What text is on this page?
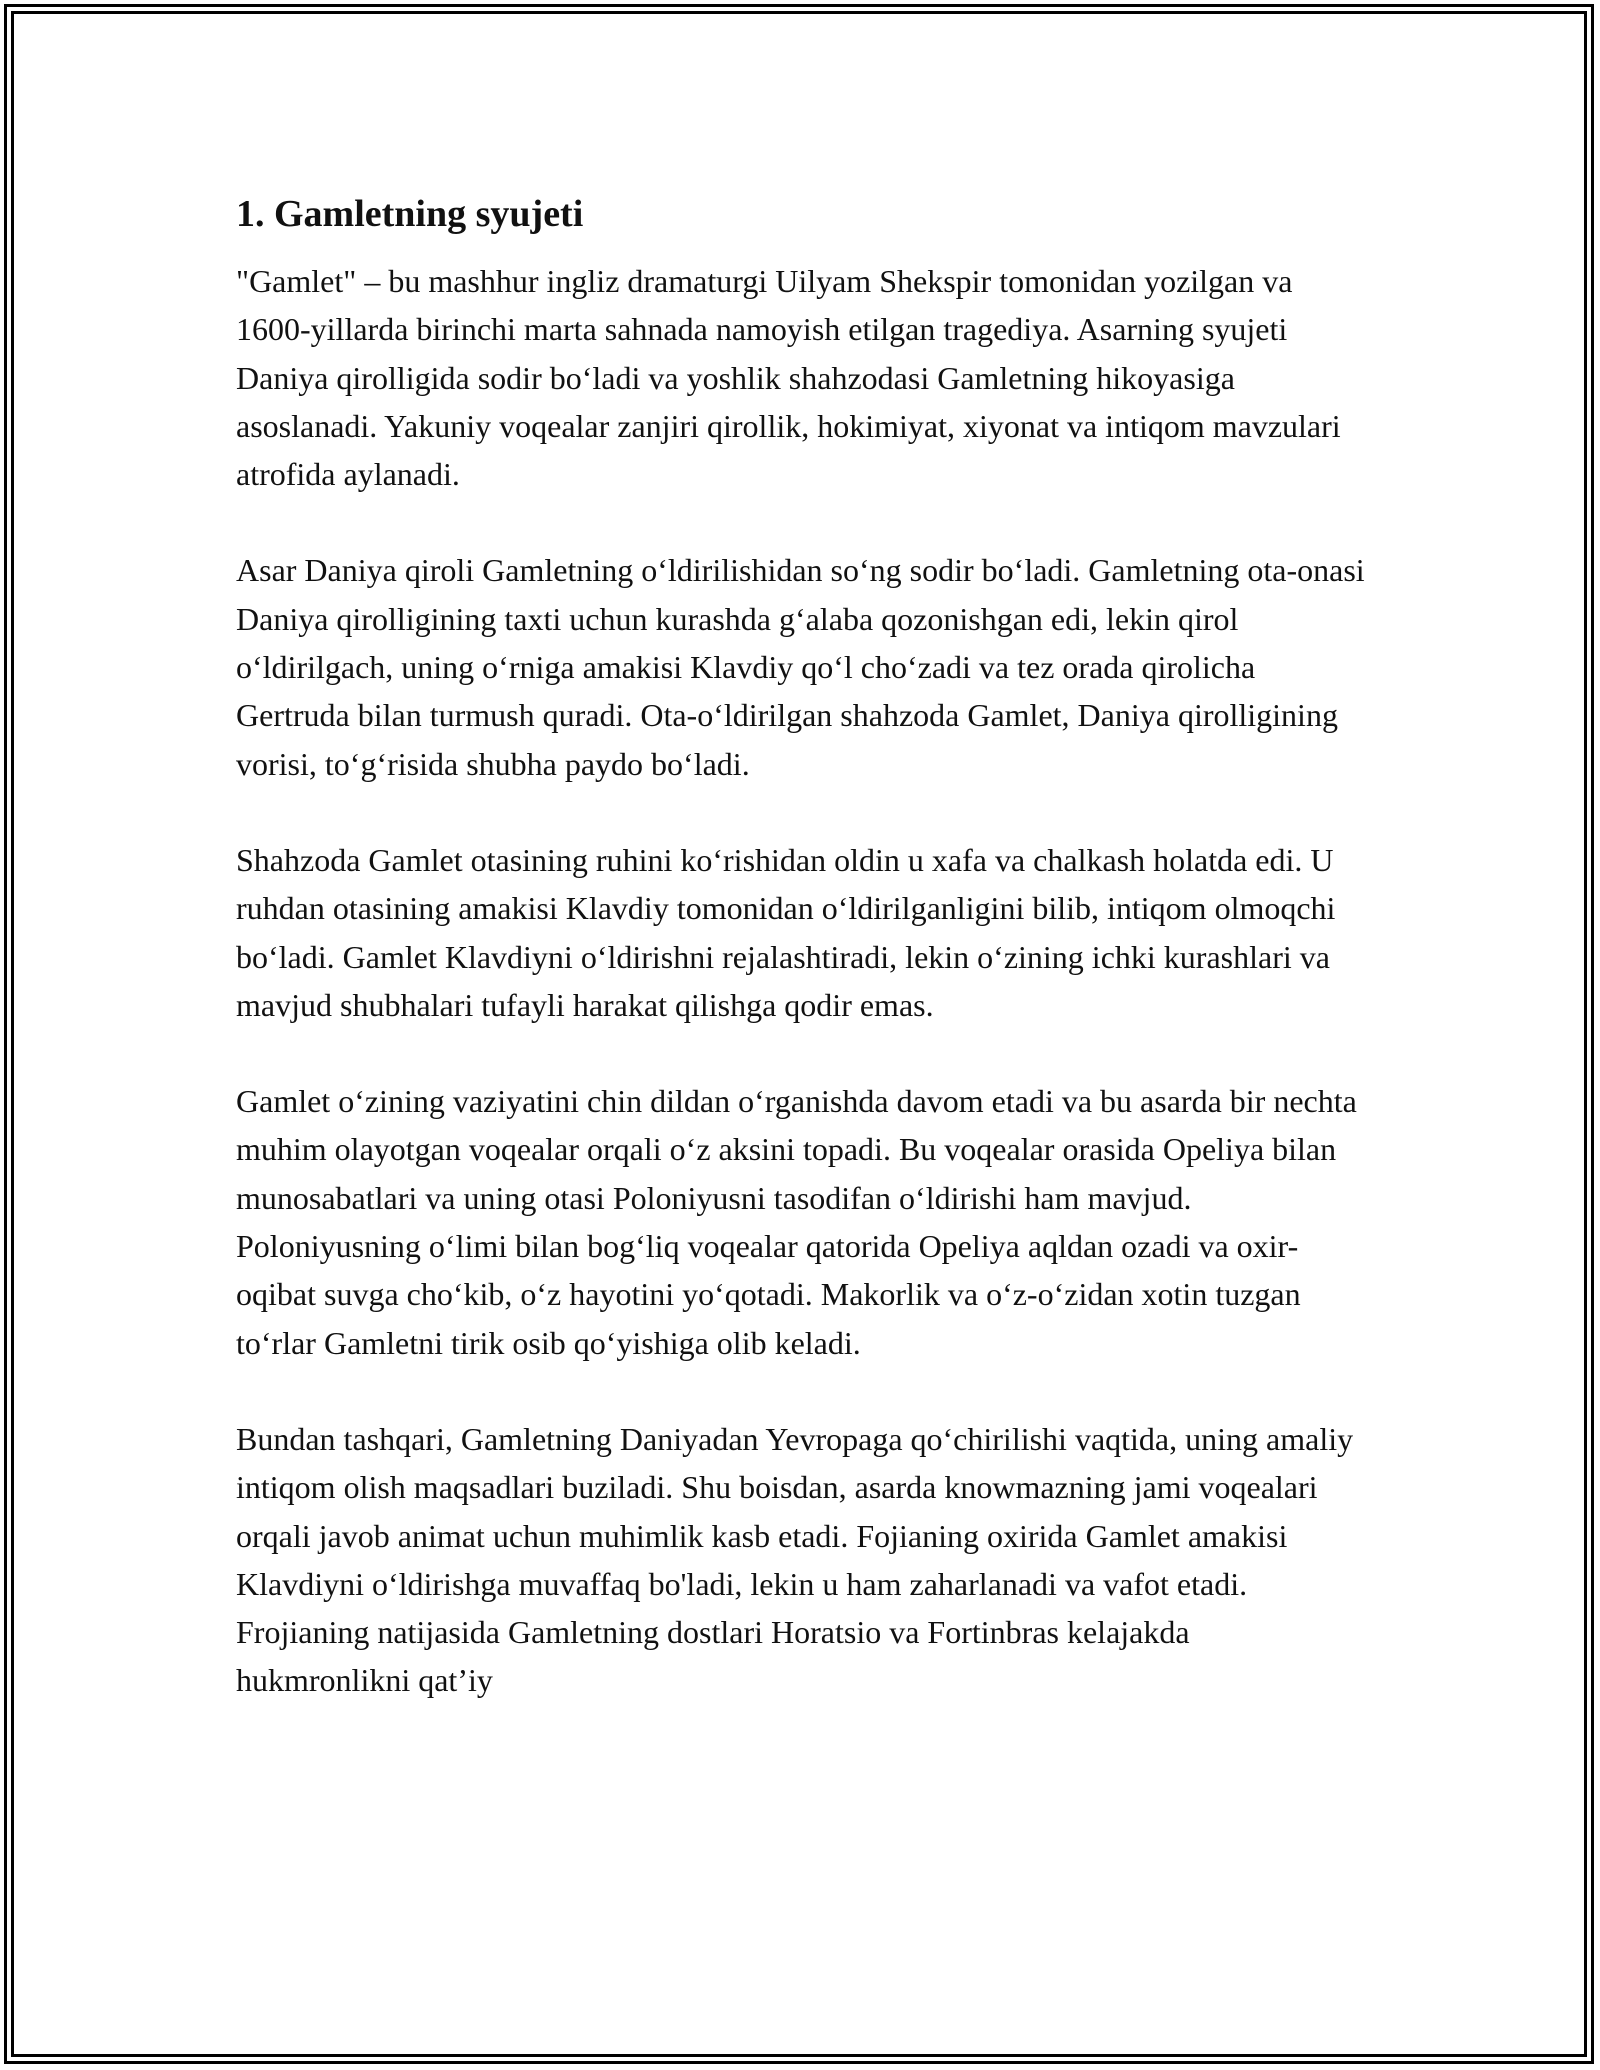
1. Gamletning syujeti

"Gamlet" – bu mashhur ingliz dramaturgi Uilyam Shekspir tomonidan yozilgan va 1600-yillarda birinchi marta sahnada namoyish etilgan tragediya. Asarning syujeti Daniya qirolligida sodir boʻladi va yoshlik shahzodasi Gamletning hikoyasiga asoslanadi. Yakuniy voqealar zanjiri qirollik, hokimiyat, xiyonat va intiqom mavzulari atrofida aylanadi.

Asar Daniya qiroli Gamletning oʻldirilishidan soʻng sodir boʻladi. Gamletning ota-onasi Daniya qirolligining taxti uchun kurashda gʻalaba qozonishgan edi, lekin qirol oʻldirilgach, uning oʻrniga amakisi Klavdiy qoʻl choʻzadi va tez orada qirolicha Gertruda bilan turmush quradi. Ota-oʻldirilgan shahzoda Gamlet, Daniya qirolligining vorisi, toʻgʻrisida shubha paydo boʻladi.

Shahzoda Gamlet otasining ruhini koʻrishidan oldin u xafa va chalkash holatda edi. U ruhdan otasining amakisi Klavdiy tomonidan oʻldirilganligini bilib, intiqom olmoqchi boʻladi. Gamlet Klavdiyni oʻldirishni rejalashtiradi, lekin oʻzining ichki kurashlari va mavjud shubhalari tufayli harakat qilishga qodir emas.

Gamlet oʻzining vaziyatini chin dildan oʻrganishda davom etadi va bu asarda bir nechta muhim olayotgan voqealar orqali oʻz aksini topadi. Bu voqealar orasida Opeliya bilan munosabatlari va uning otasi Poloniyusni tasodifan oʻldirishi ham mavjud. Poloniyusning oʻlimi bilan bogʻliq voqealar qatorida Opeliya aqldan ozadi va oxir-oqibat suvga choʻkib, oʻz hayotini yoʻqotadi. Makorlik va oʻz-oʻzidan xotin tuzgan toʻrlar Gamletni tirik osib qoʻyishiga olib keladi.

Bundan tashqari, Gamletning Daniyadan Yevropaga qoʻchirilishi vaqtida, uning amaliy intiqom olish maqsadlari buziladi. Shu boisdan, asarda knowmazning jami voqealari orqali javob animat uchun muhimlik kasb etadi. Fojianing oxirida Gamlet amakisi Klavdiyni oʻldirishga muvaffaq bo'ladi, lekin u ham zaharlanadi va vafot etadi. Frojianing natijasida Gamletning dostlari Horatsio va Fortinbras kelajakda hukmronlikni qat’iy
